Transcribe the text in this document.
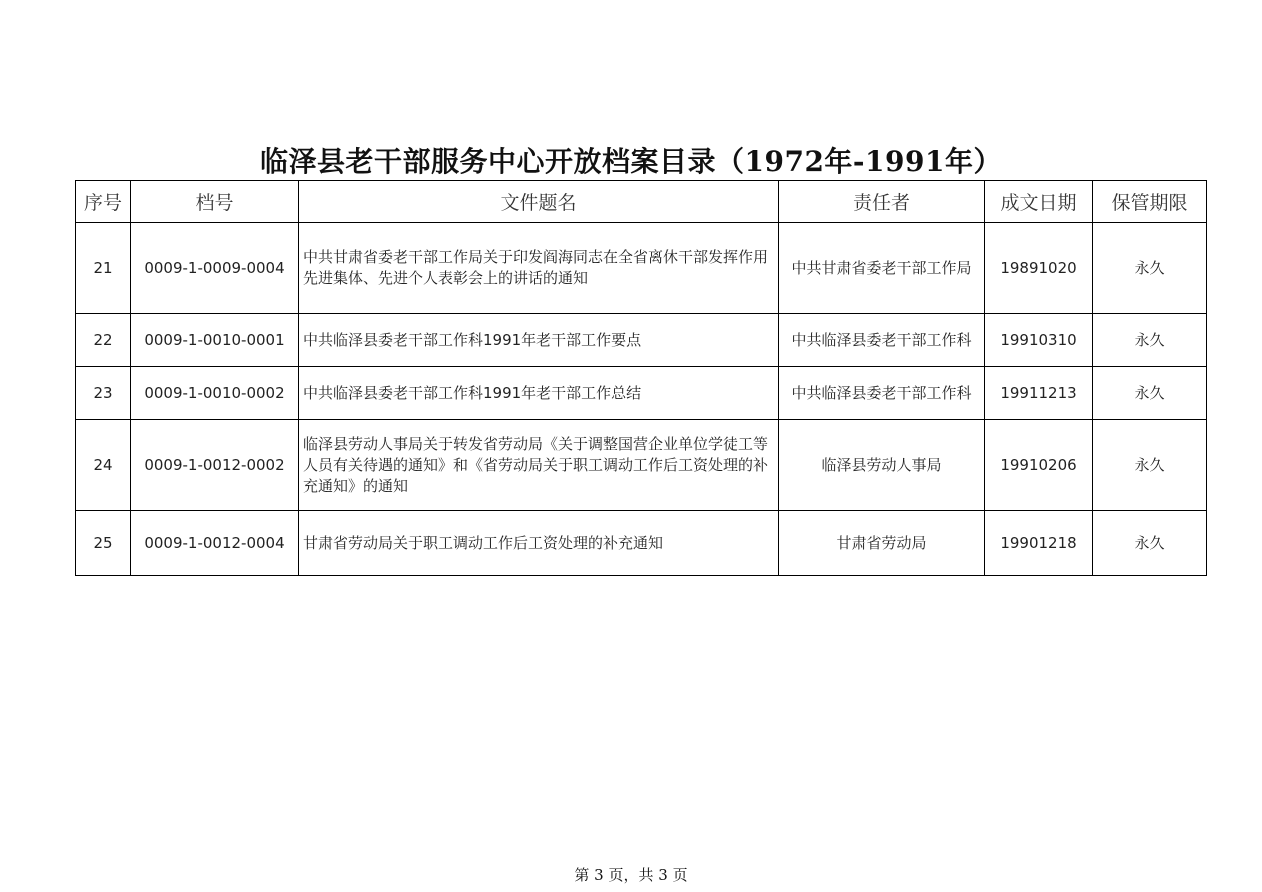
临泽县老干部服务中心开放档案目录（1972年-1991年）
序号	档号	文件题名	责任者	成文日期	保管期限
21	0009-1-0009-0004	中共甘肃省委老干部工作局关于印发阎海同志在全省离休干部发挥作用先进集体、先进个人表彰会上的讲话的通知	中共甘肃省委老干部工作局	19891020	永久
22	0009-1-0010-0001	中共临泽县委老干部工作科1991年老干部工作要点	中共临泽县委老干部工作科	19910310	永久
23	0009-1-0010-0002	中共临泽县委老干部工作科1991年老干部工作总结	中共临泽县委老干部工作科	19911213	永久
24	0009-1-0012-0002	临泽县劳动人事局关于转发省劳动局《关于调整国营企业单位学徒工等人员有关待遇的通知》和《省劳动局关于职工调动工作后工资处理的补充通知》的通知	临泽县劳动人事局	19910206	永久
25	0009-1-0012-0004	甘肃省劳动局关于职工调动工作后工资处理的补充通知	甘肃省劳动局	19901218	永久
第 3 页，共 3 页
